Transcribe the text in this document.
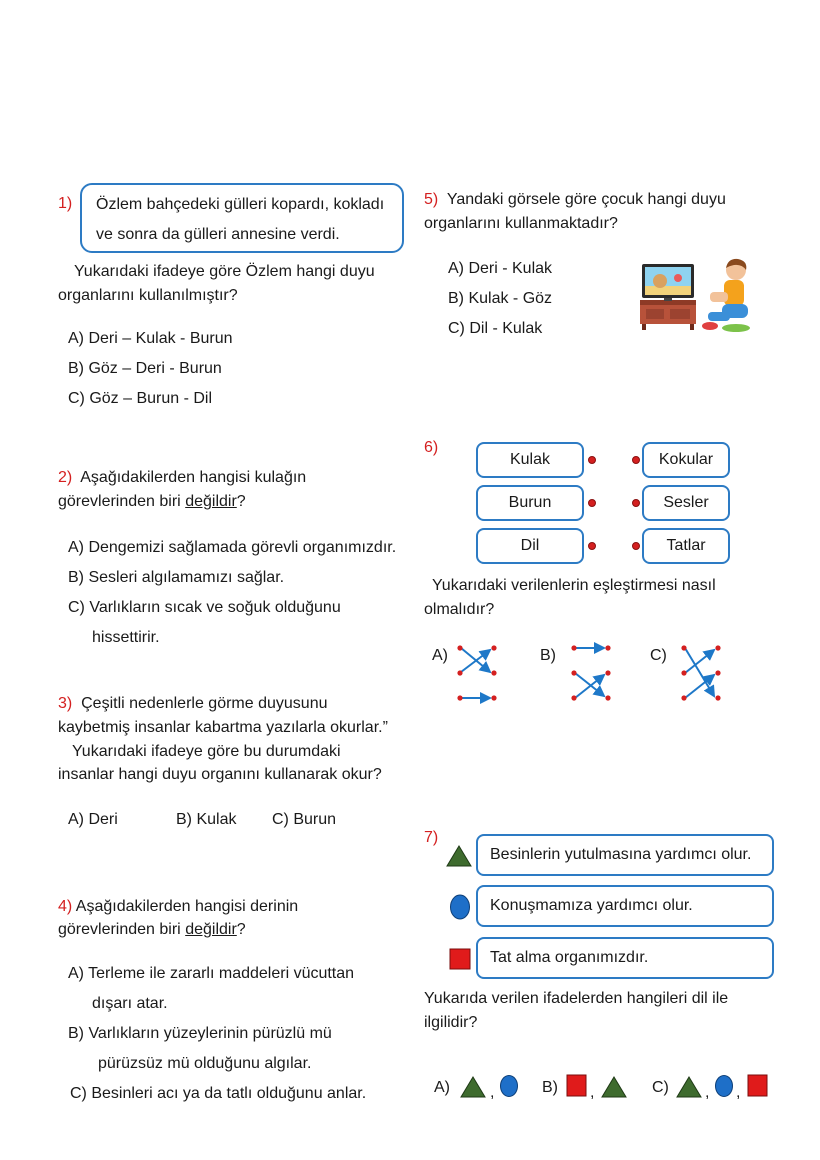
1) Özlem bahçedeki gülleri kopardı, kokladı
ve sonra da gülleri annesine verdi.
Yukarıdaki ifadeye göre Özlem hangi duyu
organlarını kullanılmıştır?
A) Deri – Kulak - Burun
B) Göz – Deri - Burun
C) Göz – Burun - Dil
2) Aşağıdakilerden hangisi kulağın
görevlerinden biri değildir?
A) Dengemizi sağlamada görevli organımızdır.
B) Sesleri algılamamızı sağlar.
C) Varlıkların sıcak ve soğuk olduğunu
hissettirir.
3) Çeşitli nedenlerle görme duyusunu
kaybetmiş insanlar kabartma yazılarla okurlar.”
Yukarıdaki ifadeye göre bu durumdaki
insanlar hangi duyu organını kullanarak okur?
A) Deri	B) Kulak C) Burun
4) Aşağıdakilerden hangisi derinin
görevlerinden biri değildir?
A) Terleme ile zararlı maddeleri vücuttan
dışarı atar.
B) Varlıkların yüzeylerinin pürüzlü mü
pürüzsüz mü olduğunu algılar.
C) Besinleri acı ya da tatlı olduğunu anlar.
5) Yandaki görsele göre çocuk hangi duyu
organlarını kullanmaktadır?
A) Deri - Kulak
B) Kulak - Göz
C) Dil - Kulak
6)
Kulak
Burun
Dil
Kokular
Sesler
Tatlar
Yukarıdaki verilenlerin eşleştirmesi nasıl
olmalıdır?
A)	B)	C)
7)
Besinlerin yutulmasına yardımcı olur.
Konuşmamıza yardımcı olur.
Tat alma organımızdır.
Yukarıda verilen ifadelerden hangileri dil ile
ilgilidir?
A)	,	B) ,	C) , ,
